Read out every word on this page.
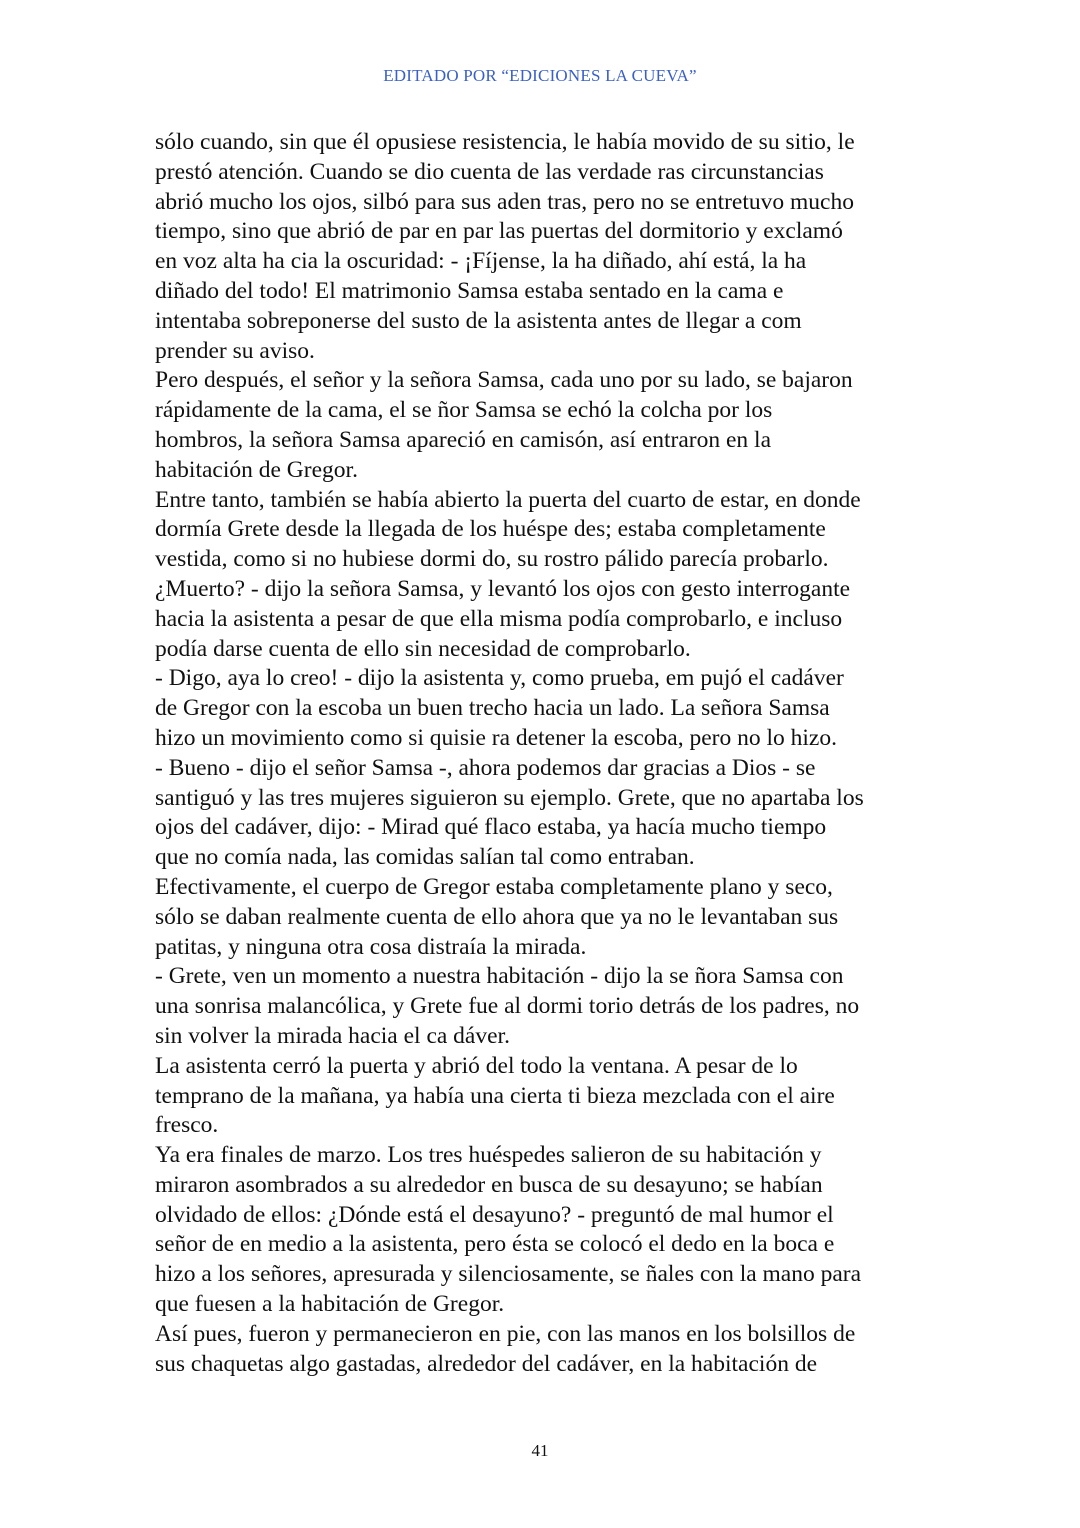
EDITADO POR “EDICIONES LA CUEVA”
sólo cuando, sin que él opusiese resistencia, le había movido de su sitio, le
prestó atención. Cuando se dio cuenta de las verdade ras circunstancias
abrió mucho los ojos, silbó para sus aden tras, pero no se entretuvo mucho
tiempo, sino que abrió de par en par las puertas del dormitorio y exclamó
en voz alta ha cia la oscuridad: - ¡Fíjense, la ha diñado, ahí está, la ha
diñado del todo! El matrimonio Samsa estaba sentado en la cama e
intentaba sobreponerse del susto de la asistenta antes de llegar a com
prender su aviso.
Pero después, el señor y la señora Samsa, cada uno por su lado, se bajaron
rápidamente de la cama, el se ñor Samsa se echó la colcha por los
hombros, la señora Samsa apareció en camisón, así entraron en la
habitación de Gregor.
Entre tanto, también se había abierto la puerta del cuarto de estar, en donde
dormía Grete desde la llegada de los huéspe des; estaba completamente
vestida, como si no hubiese dormi do, su rostro pálido parecía probarlo.
¿Muerto? - dijo la señora Samsa, y levantó los ojos con gesto interrogante
hacia la asistenta a pesar de que ella misma podía comprobarlo, e incluso
podía darse cuenta de ello sin necesidad de comprobarlo.
- Digo, aya lo creo! - dijo la asistenta y, como prueba, em pujó el cadáver
de Gregor con la escoba un buen trecho hacia un lado. La señora Samsa
hizo un movimiento como si quisie ra detener la escoba, pero no lo hizo.
- Bueno - dijo el señor Samsa -, ahora podemos dar gracias a Dios - se
santiguó y las tres mujeres siguieron su ejemplo. Grete, que no apartaba los
ojos del cadáver, dijo: - Mirad qué flaco estaba, ya hacía mucho tiempo
que no comía nada, las comidas salían tal como entraban.
Efectivamente, el cuerpo de Gregor estaba completamente plano y seco,
sólo se daban realmente cuenta de ello ahora que ya no le levantaban sus
patitas, y ninguna otra cosa distraía la mirada.
- Grete, ven un momento a nuestra habitación - dijo la se ñora Samsa con
una sonrisa malancólica, y Grete fue al dormi torio detrás de los padres, no
sin volver la mirada hacia el ca dáver.
La asistenta cerró la puerta y abrió del todo la ventana. A pesar de lo
temprano de la mañana, ya había una cierta ti bieza mezclada con el aire
fresco.
Ya era finales de marzo. Los tres huéspedes salieron de su habitación y
miraron asombrados a su alrededor en busca de su desayuno; se habían
olvidado de ellos: ¿Dónde está el desayuno? - preguntó de mal humor el
señor de en medio a la asistenta, pero ésta se colocó el dedo en la boca e
hizo a los señores, apresurada y silenciosamente, se ñales con la mano para
que fuesen a la habitación de Gregor.
Así pues, fueron y permanecieron en pie, con las manos en los bolsillos de
sus chaquetas algo gastadas, alrededor del cadáver, en la habitación de
41
